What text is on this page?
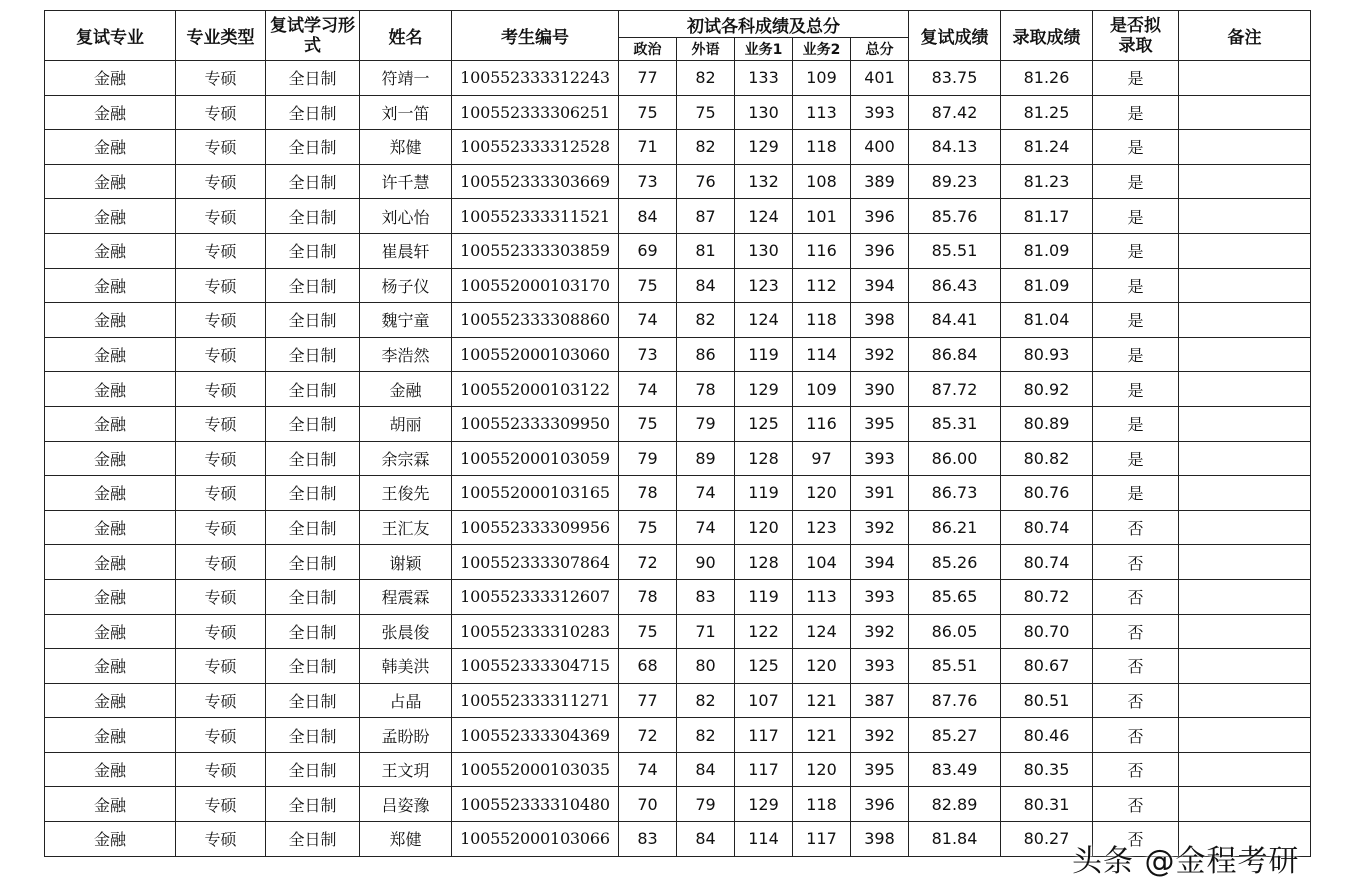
复试专业	专业类型	复试学习形式	姓名	考生编号	初试各科成绩及总分					复试成绩	录取成绩	是否拟录取	备注
					政治	外语	业务1	业务2	总分				
金融	专硕	全日制	符靖一	100552333312243	77	82	133	109	401	83.75	81.26	是	
金融	专硕	全日制	刘一笛	100552333306251	75	75	130	113	393	87.42	81.25	是	
金融	专硕	全日制	郑健	100552333312528	71	82	129	118	400	84.13	81.24	是	
金融	专硕	全日制	许千慧	100552333303669	73	76	132	108	389	89.23	81.23	是	
金融	专硕	全日制	刘心怡	100552333311521	84	87	124	101	396	85.76	81.17	是	
金融	专硕	全日制	崔晨轩	100552333303859	69	81	130	116	396	85.51	81.09	是	
金融	专硕	全日制	杨子仪	100552000103170	75	84	123	112	394	86.43	81.09	是	
金融	专硕	全日制	魏宁童	100552333308860	74	82	124	118	398	84.41	81.04	是	
金融	专硕	全日制	李浩然	100552000103060	73	86	119	114	392	86.84	80.93	是	
金融	专硕	全日制	金融	100552000103122	74	78	129	109	390	87.72	80.92	是	
金融	专硕	全日制	胡丽	100552333309950	75	79	125	116	395	85.31	80.89	是	
金融	专硕	全日制	余宗霖	100552000103059	79	89	128	97	393	86.00	80.82	是	
金融	专硕	全日制	王俊先	100552000103165	78	74	119	120	391	86.73	80.76	是	
金融	专硕	全日制	王汇友	100552333309956	75	74	120	123	392	86.21	80.74	否	
金融	专硕	全日制	谢颖	100552333307864	72	90	128	104	394	85.26	80.74	否	
金融	专硕	全日制	程震霖	100552333312607	78	83	119	113	393	85.65	80.72	否	
金融	专硕	全日制	张晨俊	100552333310283	75	71	122	124	392	86.05	80.70	否	
金融	专硕	全日制	韩美洪	100552333304715	68	80	125	120	393	85.51	80.67	否	
金融	专硕	全日制	占晶	100552333311271	77	82	107	121	387	87.76	80.51	否	
金融	专硕	全日制	孟盼盼	100552333304369	72	82	117	121	392	85.27	80.46	否	
金融	专硕	全日制	王文玥	100552000103035	74	84	117	120	395	83.49	80.35	否	
金融	专硕	全日制	吕姿豫	100552333310480	70	79	129	118	396	82.89	80.31	否	
金融	专硕	全日制	郑健	100552000103066	83	84	114	117	398	81.84	80.27	否	
头条 @金程考研
